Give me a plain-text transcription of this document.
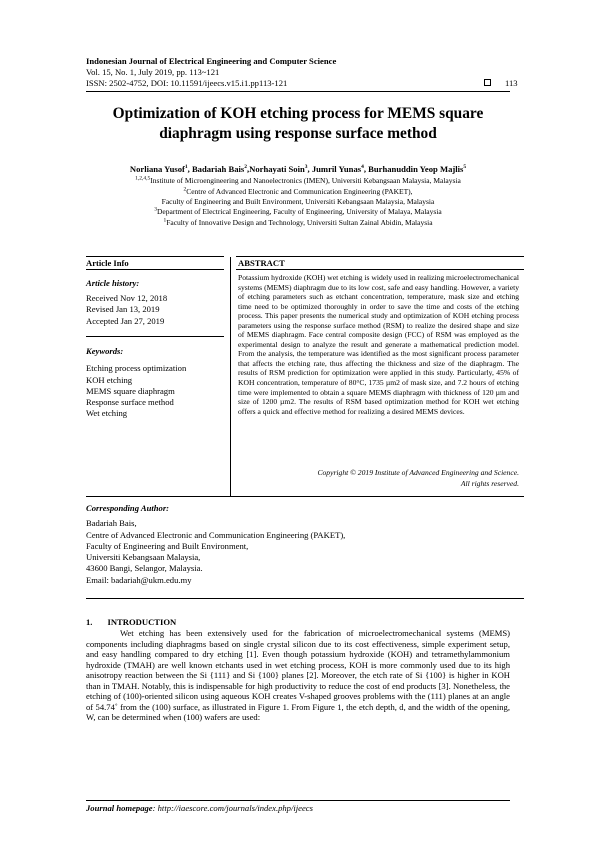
Indonesian Journal of Electrical Engineering and Computer Science
Vol. 15, No. 1, July 2019, pp. 113~121
ISSN: 2502-4752, DOI: 10.11591/ijeecs.v15.i1.pp113-121	113
Optimization of KOH etching process for MEMS square
diaphragm using response surface method
Norliana Yusof$^1$, Badariah Bais$^2$,Norhayati Soin$^3$, Jumril Yunas$^4$, Burhanuddin Yeop Majlis$^5$
$^{1,2,4,5}$Institute of Microengineering and Nanoelectronics (IMEN), Universiti Kebangsaan Malaysia, Malaysia
$^2$Centre of Advanced Electronic and Communication Engineering (PAKET),
Faculty of Engineering and Built Environment, Universiti Kebangsaan Malaysia, Malaysia
$^3$Department of Electrical Engineering, Faculty of Engineering, University of Malaya, Malaysia
$^1$Faculty of Innovative Design and Technology, Universiti Sultan Zainal Abidin, Malaysia
Article Info
Article history:
Received Nov 12, 2018
Revised Jan 13, 2019
Accepted Jan 27, 2019
Keywords:
Etching process optimization
KOH etching
MEMS square diaphragm
Response surface method
Wet etching
ABSTRACT
Potassium hydroxide (KOH) wet etching is widely used in realizing microelectromechanical systems (MEMS) diaphragm due to its low cost, safe and easy handling. However, a variety of etching parameters such as etchant concentration, temperature, mask size and etching time need to be optimized thoroughly in order to save the time and costs of the etching process. This paper presents the numerical study and optimization of KOH etching process parameters using the response surface method (RSM) to realize the desired shape and size of MEMS diaphragm. Face central composite design (FCC) of RSM was employed as the experimental design to analyze the result and generate a mathematical prediction model. From the analysis, the temperature was identified as the most significant process parameter that affects the etching rate, thus affecting the thickness and size of the diaphragm. The results of RSM prediction for optimization were applied in this study. Particularly, 45% of KOH concentration, temperature of 80°C, 1735 µm2 of mask size, and 7.2 hours of etching time were implemented to obtain a square MEMS diaphragm with thickness of 120 µm and size of 1200 µm2. The results of RSM based optimization method for KOH wet etching offers a quick and effective method for realizing a desired MEMS devices.
Copyright © 2019 Institute of Advanced Engineering and Science.
All rights reserved.
Corresponding Author:
Badariah Bais,
Centre of Advanced Electronic and Communication Engineering (PAKET),
Faculty of Engineering and Built Environment,
Universiti Kebangsaan Malaysia,
43600 Bangi, Selangor, Malaysia.
Email: badariah@ukm.edu.my
1.       INTRODUCTION
Wet etching has been extensively used for the fabrication of microelectromechanical systems (MEMS) components including diaphragms based on single crystal silicon due to its cost effectiveness, simple experiment setup, and easy handling compared to dry etching [1]. Even though potassium hydroxide (KOH) and tetramethylammonium hydroxide (TMAH) are well known etchants used in wet etching process, KOH is more commonly used due to its high anisotropy reaction between the Si {111} and Si {100} planes [2]. Moreover, the etch rate of Si {100} is higher in KOH than in TMAH. Notably, this is indispensable for high productivity to reduce the cost of end products [3]. Nonetheless, the etching of (100)-oriented silicon using aqueous KOH creates V-shaped grooves problems with the (111) planes at an angle of 54.74˚ from the (100) surface, as illustrated in Figure 1. From Figure 1, the etch depth, d, and the width of the opening, W, can be determined when (100) wafers are used:
Journal homepage: http://iaescore.com/journals/index.php/ijeecs
